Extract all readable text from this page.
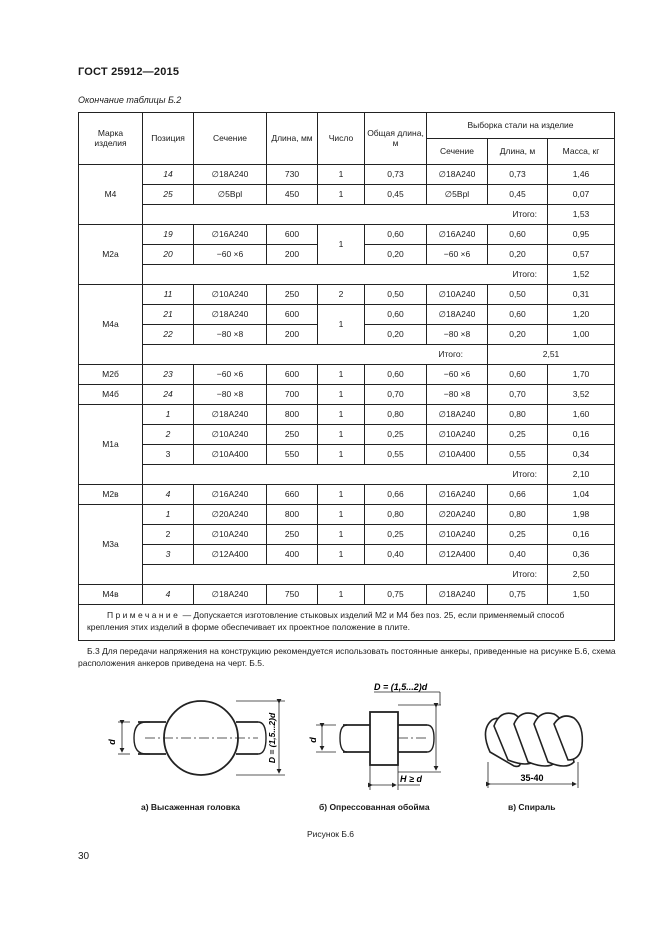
ГОСТ 25912—2015
Окончание таблицы Б.2
Марка изделия	Позиция	Сечение	Длина, мм	Число	Общая длина, м	Выборка стали на изделие		
						Сечение	Длина, м	Масса, кг
М4	14	∅18А240	730	1	0,73	∅18А240	0,73	1,46
	25	∅5Вpl	450	1	0,45	∅5Вpl	0,45	0,07
	Итого:							1,53
М2а	19	∅16А240	600	1	0,60	∅16А240	0,60	0,95
	20	−60 ×6	200		0,20	−60 ×6	0,20	0,57
	Итого:							1,52
М4а	11	∅10А240	250	2	0,50	∅10А240	0,50	0,31
	21	∅18А240	600	1	0,60	∅18А240	0,60	1,20
	22	−80 ×8	200		0,20	−80 ×8	0,20	1,00
	Итого:						2,51	
М2б	23	−60 ×6	600	1	0,60	−60 ×6	0,60	1,70
М4б	24	−80 ×8	700	1	0,70	−80 ×8	0,70	3,52
М1а	1	∅18А240	800	1	0,80	∅18А240	0,80	1,60
	2	∅10А240	250	1	0,25	∅10А240	0,25	0,16
	3	∅10А400	550	1	0,55	∅10А400	0,55	0,34
	Итого:							2,10
М2в	4	∅16А240	660	1	0,66	∅16А240	0,66	1,04
М3а	1	∅20А240	800	1	0,80	∅20А240	0,80	1,98
	2	∅10А240	250	1	0,25	∅10А240	0,25	0,16
	3	∅12А400	400	1	0,40	∅12А400	0,40	0,36
	Итого:							2,50
М4в	4	∅18А240	750	1	0,75	∅18А240	0,75	1,50
Примечание — Допускается изготовление стыковых изделий М2 и М4 без поз. 25, если применяемый способ крепления этих изделий в форме обеспечивает их проектное положение в плите.								
Б.3 Для передачи напряжения на конструкцию рекомендуется использовать постоянные анкеры, приведенные на рисунке Б.6, схема расположения анкеров приведена на черт. Б.5.
d	D = (1,5...2)d	d
D = (1,5...2)d
H ≥ d	35-40
а) Высаженная головка	б) Опрессованная обойма	в) Спираль
Рисунок Б.6
30
